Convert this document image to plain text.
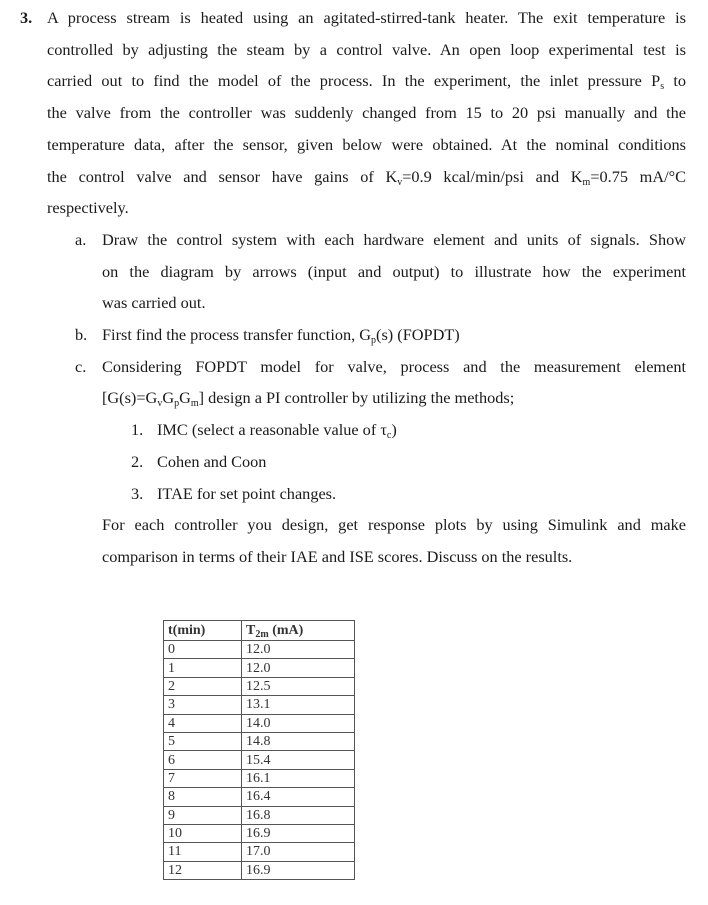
3. A process stream is heated using an agitated-stirred-tank heater. The exit temperature is
controlled by adjusting the steam by a control valve. An open loop experimental test is
carried out to find the model of the process. In the experiment, the inlet pressure $P_s$ to
the valve from the controller was suddenly changed from 15 to 20 psi manually and the
temperature data, after the sensor, given below were obtained. At the nominal conditions
the control valve and sensor have gains of $K_v=0.9$ kcal/min/psi and $K_m=0.75$ mA/°C
respectively.
a. Draw the control system with each hardware element and units of signals. Show
on the diagram by arrows (input and output) to illustrate how the experiment
was carried out.
b. First find the process transfer function, $G_p(s)$ (FOPDT)
c. Considering FOPDT model for valve, process and the measurement element
$[G(s)=G_vG_pG_m]$ design a PI controller by utilizing the methods;
1. IMC (select a reasonable value of $\tau_c$)
2. Cohen and Coon
3. ITAE for set point changes.
For each controller you design, get response plots by using Simulink and make
comparison in terms of their IAE and ISE scores. Discuss on the results.
t(min)	$T_{2m}$ (mA)
0	12.0
1	12.0
2	12.5
3	13.1
4	14.0
5	14.8
6	15.4
7	16.1
8	16.4
9	16.8
10	16.9
11	17.0
12	16.9
